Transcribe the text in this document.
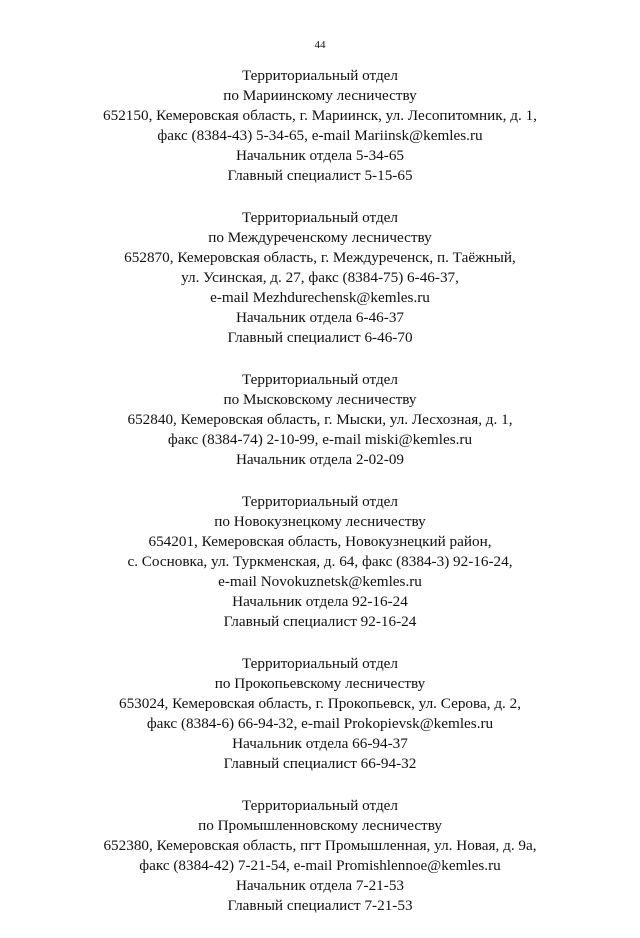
44
Территориальный отдел
по Мариинскому лесничеству
652150, Кемеровская область, г. Мариинск, ул. Лесопитомник, д. 1,
факс (8384-43) 5-34-65, e-mail Mariinsk@kemles.ru
Начальник отдела 5-34-65
Главный специалист 5-15-65
Территориальный отдел
по Междуреченскому лесничеству
652870, Кемеровская область, г. Междуреченск, п. Таёжный,
ул. Усинская, д. 27, факс (8384-75) 6-46-37,
e-mail Mezhdurechensk@kemles.ru
Начальник отдела 6-46-37
Главный специалист 6-46-70
Территориальный отдел
по Мысковскому лесничеству
652840, Кемеровская область, г. Мыски, ул. Лесхозная, д. 1,
факс (8384-74) 2-10-99, e-mail miski@kemles.ru
Начальник отдела 2-02-09
Территориальный отдел
по Новокузнецкому лесничеству
654201, Кемеровская область, Новокузнецкий район,
с. Сосновка, ул. Туркменская, д. 64, факс (8384-3) 92-16-24,
e-mail Novokuznetsk@kemles.ru
Начальник отдела 92-16-24
Главный специалист 92-16-24
Территориальный отдел
по Прокопьевскому лесничеству
653024, Кемеровская область, г. Прокопьевск, ул. Серова, д. 2,
факс (8384-6) 66-94-32, e-mail Prokopievsk@kemles.ru
Начальник отдела 66-94-37
Главный специалист 66-94-32
Территориальный отдел
по Промышленновскому лесничеству
652380, Кемеровская область, пгт Промышленная, ул. Новая, д. 9а,
факс (8384-42) 7-21-54, e-mail Promishlennoe@kemles.ru
Начальник отдела 7-21-53
Главный специалист 7-21-53
